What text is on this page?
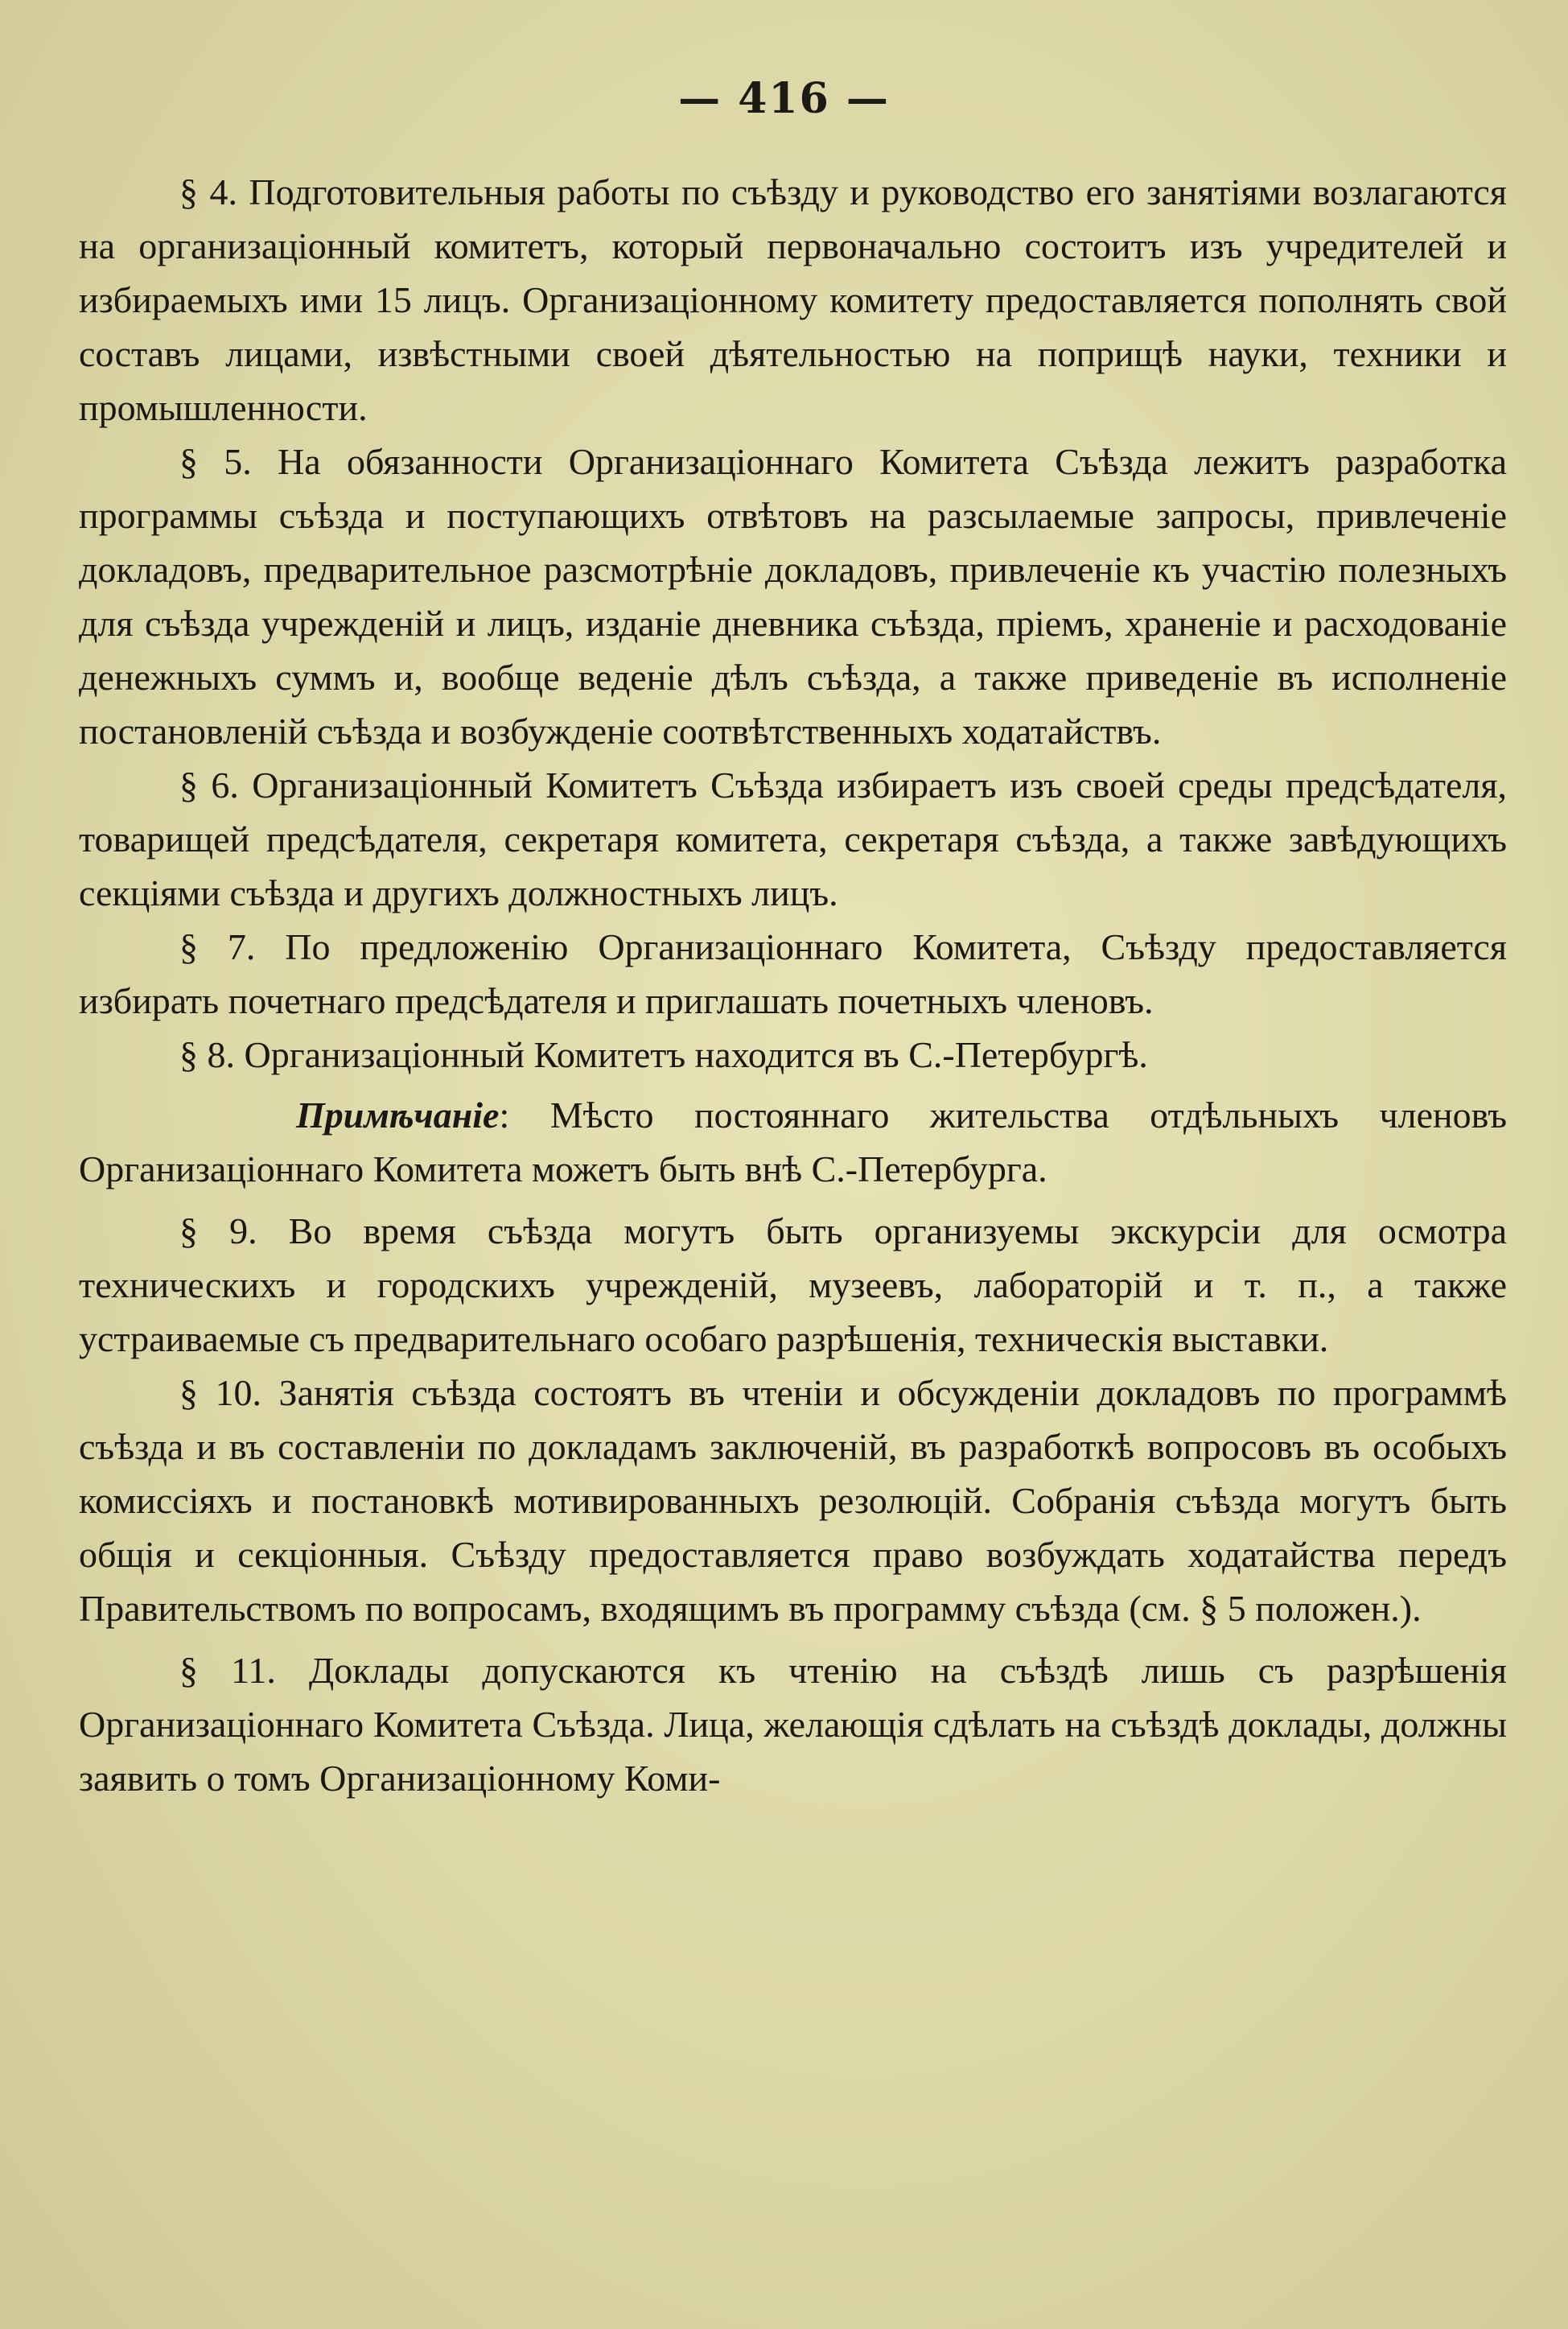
— 416 —

§ 4. Подготовительныя работы по съѣзду и руководство его занятіями возлагаются на организаціонный комитетъ, который первоначально состоитъ изъ учредителей и избираемыхъ ими 15 лицъ. Организаціонному комитету предоставляется пополнять свой составъ лицами, извѣстными своей дѣятельностью на поприщѣ науки, техники и промышленности.

§ 5. На обязанности Организаціоннаго Комитета Съѣзда лежитъ разработка программы съѣзда и поступающихъ отвѣтовъ на разсылаемые запросы, привлеченіе докладовъ, предварительное разсмотрѣніе докладовъ, привлеченіе къ участію полезныхъ для съѣзда учрежденій и лицъ, изданіе дневника съѣзда, пріемъ, храненіе и расходованіе денежныхъ суммъ и, вообще веденіе дѣлъ съѣзда, а также приведеніе въ исполненіе постановленій съѣзда и возбужденіе соотвѣтственныхъ ходатайствъ.

§ 6. Организаціонный Комитетъ Съѣзда избираетъ изъ своей среды предсѣдателя, товарищей предсѣдателя, секретаря комитета, секретаря съѣзда, а также завѣдующихъ секціями съѣзда и другихъ должностныхъ лицъ.

§ 7. По предложенію Организаціоннаго Комитета, Съѣзду предоставляется избирать почетнаго предсѣдателя и приглашать почетныхъ членовъ.

§ 8. Организаціонный Комитетъ находится въ С.-Петербургѣ.

Примѣчаніе: Мѣсто постояннаго жительства отдѣльныхъ членовъ Организаціоннаго Комитета можетъ быть внѣ С.-Петербурга.

§ 9. Во время съѣзда могутъ быть организуемы экскурсіи для осмотра техническихъ и городскихъ учрежденій, музеевъ, лабораторій и т. п., а также устраиваемые съ предварительнаго особаго разрѣшенія, техническія выставки.

§ 10. Занятія съѣзда состоятъ въ чтеніи и обсужденіи докладовъ по программѣ съѣзда и въ составленіи по докладамъ заключеній, въ разработкѣ вопросовъ въ особыхъ комиссіяхъ и постановкѣ мотивированныхъ резолюцій. Собранія съѣзда могутъ быть общія и секціонныя. Съѣзду предоставляется право возбуждать ходатайства передъ Правительствомъ по вопросамъ, входящимъ въ программу съѣзда (см. § 5 положен.).

§ 11. Доклады допускаются къ чтенію на съѣздѣ лишь съ разрѣшенія Организаціоннаго Комитета Съѣзда. Лица, желающія сдѣлать на съѣздѣ доклады, должны заявить о томъ Организаціонному Коми-
